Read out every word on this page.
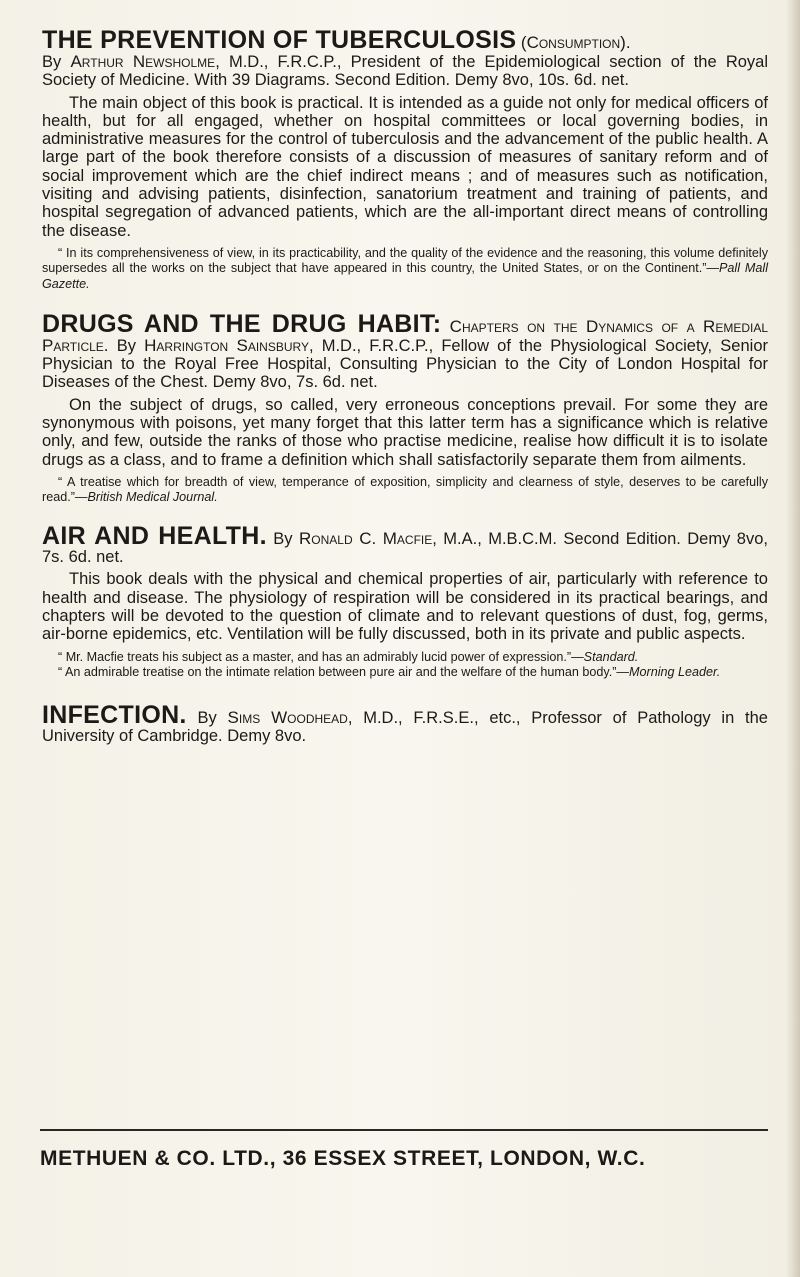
THE PREVENTION OF TUBERCULOSIS (Consumption).

By Arthur Newsholme, M.D., F.R.C.P., President of the Epidemiological section of the Royal Society of Medicine. With 39 Diagrams. Second Edition. Demy 8vo, 10s. 6d. net.

The main object of this book is practical. It is intended as a guide not only for medical officers of health, but for all engaged, whether on hospital committees or local governing bodies, in administrative measures for the control of tuberculosis and the advancement of the public health. A large part of the book therefore consists of a discussion of measures of sanitary reform and of social improvement which are the chief indirect means ; and of measures such as notification, visiting and advising patients, disinfection, sanatorium treatment and training of patients, and hospital segregation of advanced patients, which are the all-important direct means of controlling the disease.

“ In its comprehensiveness of view, in its practicability, and the quality of the evidence and the reasoning, this volume definitely supersedes all the works on the subject that have appeared in this country, the United States, or on the Continent.”—Pall Mall Gazette.

DRUGS AND THE DRUG HABIT: Chapters on the Dynamics of a Remedial Particle. By Harrington Sainsbury, M.D., F.R.C.P., Fellow of the Physiological Society, Senior Physician to the Royal Free Hospital, Consulting Physician to the City of London Hospital for Diseases of the Chest. Demy 8vo, 7s. 6d. net.

On the subject of drugs, so called, very erroneous conceptions prevail. For some they are synonymous with poisons, yet many forget that this latter term has a significance which is relative only, and few, outside the ranks of those who practise medicine, realise how difficult it is to isolate drugs as a class, and to frame a definition which shall satisfactorily separate them from ailments.

“ A treatise which for breadth of view, temperance of exposition, simplicity and clearness of style, deserves to be carefully read.”—British Medical Journal.

AIR AND HEALTH. By Ronald C. Macfie, M.A., M.B.C.M. Second Edition. Demy 8vo, 7s. 6d. net.

This book deals with the physical and chemical properties of air, particularly with reference to health and disease. The physiology of respiration will be considered in its practical bearings, and chapters will be devoted to the question of climate and to relevant questions of dust, fog, germs, air-borne epidemics, etc. Ventilation will be fully discussed, both in its private and public aspects.

“ Mr. Macfie treats his subject as a master, and has an admirably lucid power of expression.”—Standard.

“ An admirable treatise on the intimate relation between pure air and the welfare of the human body.”—Morning Leader.

INFECTION. By Sims Woodhead, M.D., F.R.S.E., etc., Professor of Pathology in the University of Cambridge. Demy 8vo.

METHUEN & CO. LTD., 36 ESSEX STREET, LONDON, W.C.
